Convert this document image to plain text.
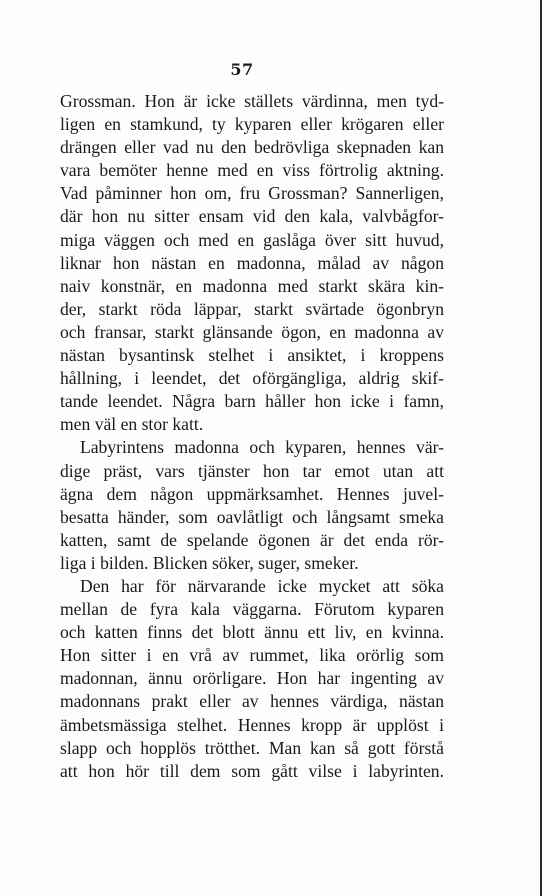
57
Grossman. Hon är icke ställets värdinna, men tyd-
ligen en stamkund, ty kyparen eller krögaren eller
drängen eller vad nu den bedrövliga skepnaden kan
vara bemöter henne med en viss förtrolig aktning.
Vad påminner hon om, fru Grossman? Sannerligen,
där hon nu sitter ensam vid den kala, valvbågfor-
miga väggen och med en gaslåga över sitt huvud,
liknar hon nästan en madonna, målad av någon
naiv konstnär, en madonna med starkt skära kin-
der, starkt röda läppar, starkt svärtade ögonbryn
och fransar, starkt glänsande ögon, en madonna av
nästan bysantinsk stelhet i ansiktet, i kroppens
hållning, i leendet, det oförgängliga, aldrig skif-
tande leendet. Några barn håller hon icke i famn,
men väl en stor katt.
Labyrintens madonna och kyparen, hennes vär-
dige präst, vars tjänster hon tar emot utan att
ägna dem någon uppmärksamhet. Hennes juvel-
besatta händer, som oavlåtligt och långsamt smeka
katten, samt de spelande ögonen är det enda rör-
liga i bilden. Blicken söker, suger, smeker.
Den har för närvarande icke mycket att söka
mellan de fyra kala väggarna. Förutom kyparen
och katten finns det blott ännu ett liv, en kvinna.
Hon sitter i en vrå av rummet, lika orörlig som
madonnan, ännu orörligare. Hon har ingenting av
madonnans prakt eller av hennes värdiga, nästan
ämbetsmässiga stelhet. Hennes kropp är upplöst i
slapp och hopplös trötthet. Man kan så gott förstå
att hon hör till dem som gått vilse i labyrinten.
